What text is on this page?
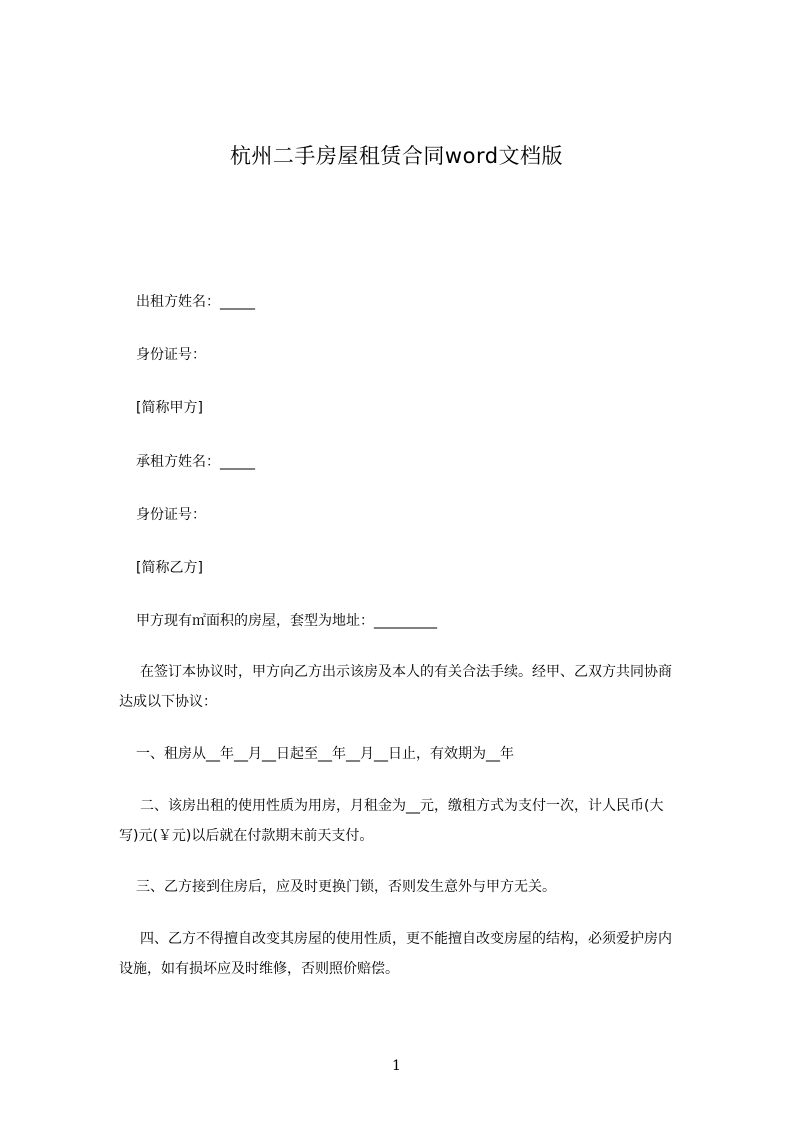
杭州二手房屋租赁合同word文档版
出租方姓名：_____
身份证号：
[简称甲方]
承租方姓名：_____
身份证号：
[简称乙方]
甲方现有㎡面积的房屋，套型为地址：_________
在签订本协议时，甲方向乙方出示该房及本人的有关合法手续。经甲、乙双方共同协商达成以下协议：
一、租房从__年__月__日起至__年__月__日止，有效期为__年
二、该房出租的使用性质为用房，月租金为__元，缴租方式为支付一次，计人民币(大写)元(￥元)以后就在付款期末前天支付。
三、乙方接到住房后，应及时更换门锁，否则发生意外与甲方无关。
四、乙方不得擅自改变其房屋的使用性质，更不能擅自改变房屋的结构，必须爱护房内设施，如有损坏应及时维修，否则照价赔偿。
1
